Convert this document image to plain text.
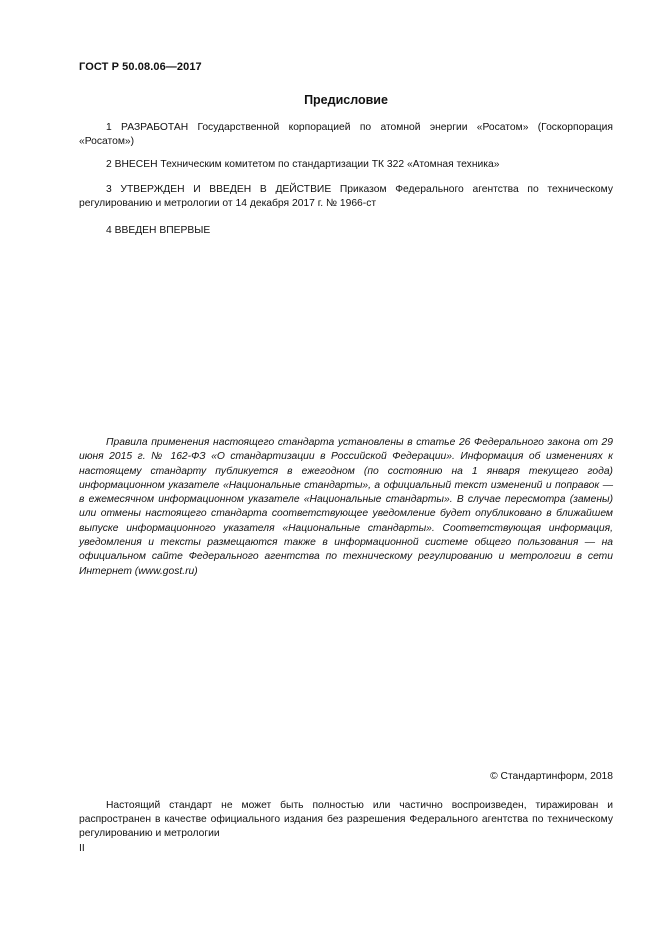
ГОСТ Р 50.08.06—2017
Предисловие
1 РАЗРАБОТАН Государственной корпорацией по атомной энергии «Росатом» (Госкорпорация «Росатом»)
2 ВНЕСЕН Техническим комитетом по стандартизации ТК 322 «Атомная техника»
3 УТВЕРЖДЕН И ВВЕДЕН В ДЕЙСТВИЕ Приказом Федерального агентства по техническому регулированию и метрологии от 14 декабря 2017 г. № 1966-ст
4 ВВЕДЕН ВПЕРВЫЕ
Правила применения настоящего стандарта установлены в статье 26 Федерального закона от 29 июня 2015 г. № 162-ФЗ «О стандартизации в Российской Федерации». Информация об изменениях к настоящему стандарту публикуется в ежегодном (по состоянию на 1 января текущего года) информационном указателе «Национальные стандарты», а официальный текст изменений и поправок — в ежемесячном информационном указателе «Национальные стандарты». В случае пересмотра (замены) или отмены настоящего стандарта соответствующее уведомление будет опубликовано в ближайшем выпуске информационного указателя «Национальные стандарты». Соответствующая информация, уведомления и тексты размещаются также в информационной системе общего пользования — на официальном сайте Федерального агентства по техническому регулированию и метрологии в сети Интернет (www.gost.ru)
© Стандартинформ, 2018
Настоящий стандарт не может быть полностью или частично воспроизведен, тиражирован и распространен в качестве официального издания без разрешения Федерального агентства по техническому регулированию и метрологии
II
